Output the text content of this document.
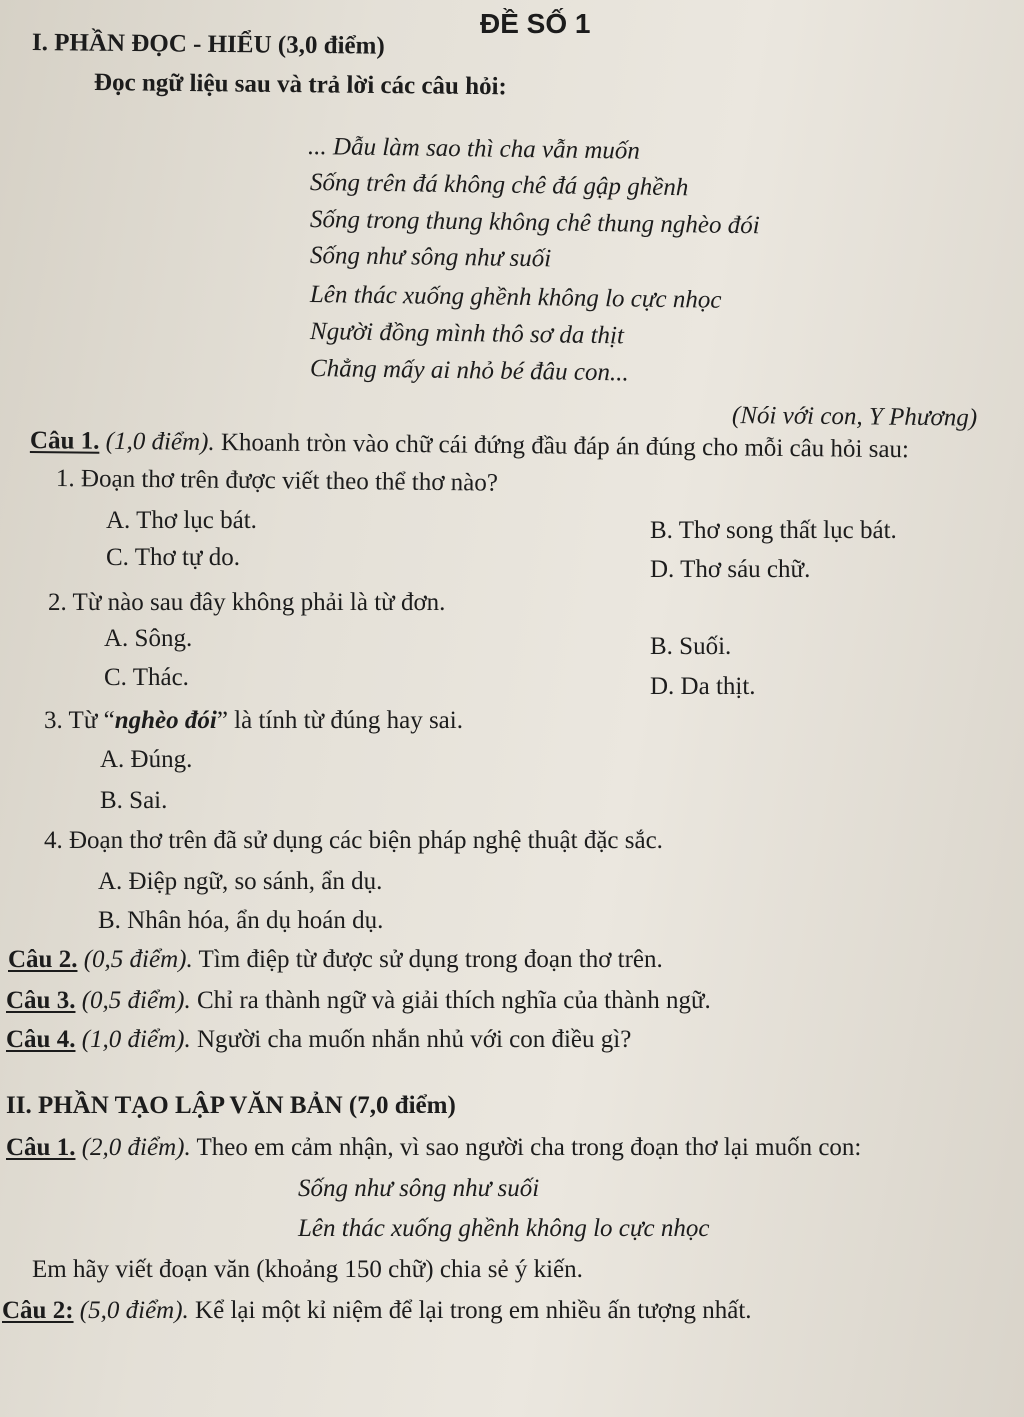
ĐỀ SỐ 1
I. PHẦN ĐỌC - HIỂU (3,0 điểm)
Đọc ngữ liệu sau và trả lời các câu hỏi:
... Dẫu làm sao thì cha vẫn muốn
Sống trên đá không chê đá gập ghềnh
Sống trong thung không chê thung nghèo đói
Sống như sông như suối
Lên thác xuống ghềnh không lo cực nhọc
Người đồng mình thô sơ da thịt
Chẳng mấy ai nhỏ bé đâu con...
(Nói với con, Y Phương)
Câu 1. (1,0 điểm). Khoanh tròn vào chữ cái đứng đầu đáp án đúng cho mỗi câu hỏi sau:
1. Đoạn thơ trên được viết theo thể thơ nào?
A. Thơ lục bát.	B. Thơ song thất lục bát.
C. Thơ tự do.	D. Thơ sáu chữ.
2. Từ nào sau đây không phải là từ đơn.
A. Sông.	B. Suối.
C. Thác.	D. Da thịt.
3. Từ “nghèo đói” là tính từ đúng hay sai.
A. Đúng.
B. Sai.
4. Đoạn thơ trên đã sử dụng các biện pháp nghệ thuật đặc sắc.
A. Điệp ngữ, so sánh, ẩn dụ.
B. Nhân hóa, ẩn dụ hoán dụ.
Câu 2. (0,5 điểm). Tìm điệp từ được sử dụng trong đoạn thơ trên.
Câu 3. (0,5 điểm). Chỉ ra thành ngữ và giải thích nghĩa của thành ngữ.
Câu 4. (1,0 điểm). Người cha muốn nhắn nhủ với con điều gì?
II. PHẦN TẠO LẬP VĂN BẢN (7,0 điểm)
Câu 1. (2,0 điểm). Theo em cảm nhận, vì sao người cha trong đoạn thơ lại muốn con:
Sống như sông như suối
Lên thác xuống ghềnh không lo cực nhọc
Em hãy viết đoạn văn (khoảng 150 chữ) chia sẻ ý kiến.
Câu 2: (5,0 điểm). Kể lại một kỉ niệm để lại trong em nhiều ấn tượng nhất.
